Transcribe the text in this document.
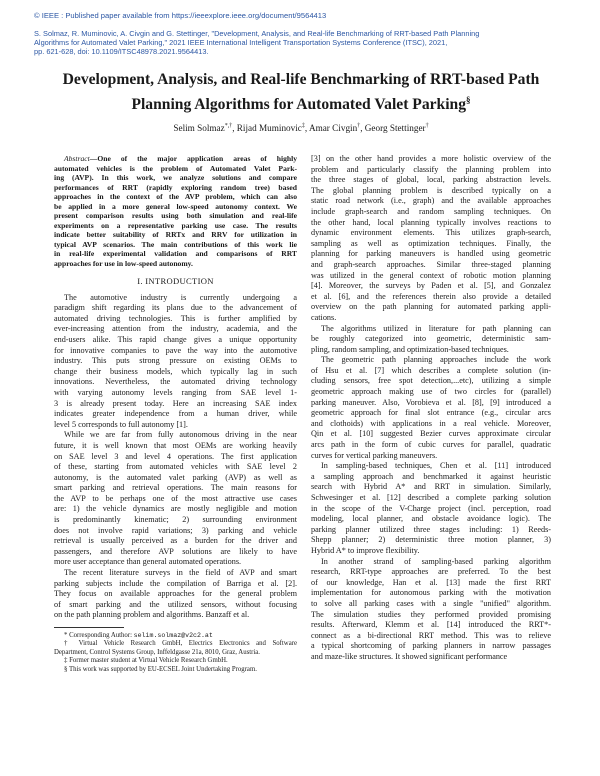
© IEEE : Published paper available from https://ieeexplore.ieee.org/document/9564413
S. Solmaz, R. Muminovic, A. Civgin and G. Stettinger, "Development, Analysis, and Real-life Benchmarking of RRT-based Path Planning
Algorithms for Automated Valet Parking," 2021 IEEE International Intelligent Transportation Systems Conference (ITSC), 2021,
pp. 621-628, doi: 10.1109/ITSC48978.2021.9564413.
Development, Analysis, and Real-life Benchmarking of RRT-based Path
Planning Algorithms for Automated Valet Parking§
Selim Solmaz*,†, Rijad Muminovic‡, Amar Civgin†, Georg Stettinger†
Abstract—One of the major application areas of highly
automated vehicles is the problem of Automated Valet Park-
ing (AVP). In this work, we analyze solutions and compare
performances of RRT (rapidly exploring random tree) based
approaches in the context of the AVP problem, which can also
be applied in a more general low-speed autonomy context. We
present comparison results using both simulation and real-life
experiments on a representative parking use case. The results
indicate better suitability of RRTx and RRV for utilization in
typical AVP scenarios. The main contributions of this work lie
in real-life experimental validation and comparisons of RRT
approaches for use in low-speed autonomy.
I. INTRODUCTION
The automotive industry is currently undergoing a
paradigm shift regarding its plans due to the advancement of
automated driving technologies. This is further amplified by
ever-increasing attention from the industry, academia, and the
end-users alike. This rapid change gives a unique opportunity
for innovative companies to pave the way into the automotive
industry. This puts strong pressure on existing OEMs to
change their business models, which typically lag in such
innovations. Nevertheless, the automated driving technology
with varying autonomy levels ranging from SAE level 1-
3 is already present today. Here an increasing SAE index
indicates greater independence from a human driver, while
level 5 corresponds to full autonomy [1].
While we are far from fully autonomous driving in the near
future, it is well known that most OEMs are working heavily
on SAE level 3 and level 4 operations. The first application
of these, starting from automated vehicles with SAE level 2
autonomy, is the automated valet parking (AVP) as well as
smart parking and retrieval operations. The main reasons for
the AVP to be perhaps one of the most attractive use cases
are: 1) the vehicle dynamics are mostly negligible and motion
is predominantly kinematic; 2) surrounding environment
does not involve rapid variations; 3) parking and vehicle
retrieval is usually perceived as a burden for the driver and
passengers, and therefore AVP solutions are likely to have
more user acceptance than general automated operations.
The recent literature surveys in the field of AVP and smart
parking subjects include the compilation of Barriga et al. [2].
They focus on available approaches for the general problem
of smart parking and the utilized sensors, without focusing
on the path planning problem and algorithms. Banzaff et al.
* Corresponding Author: selim.solmaz@v2c2.at
† Virtual Vehicle Research GmbH, Electrics Electronics and Software
Department, Control Systems Group, Inffeldgasse 21a, 8010, Graz, Austria.
‡ Former master student at Virtual Vehicle Research GmbH.
§ This work was supported by EU-ECSEL Joint Undertaking Program.
[3] on the other hand provides a more holistic overview of the
problem and particularly classify the planning problem into
the three stages of global, local, parking abstraction levels.
The global planning problem is described typically on a
static road network (i.e., graph) and the available approaches
include graph-search and random sampling techniques. On
the other hand, local planning typically involves reactions to
dynamic environment elements. This utilizes graph-search,
sampling as well as optimization techniques. Finally, the
planning for parking maneuvers is handled using geometric
and graph-search approaches. Similar three-staged planning
was utilized in the general context of robotic motion planning
[4]. Moreover, the surveys by Paden et al. [5], and Gonzalez
et al. [6], and the references therein also provide a detailed
overview on the path planning for automated parking appli-
cations.
The algorithms utilized in literature for path planning can
be roughly categorized into geometric, deterministic sam-
pling, random sampling, and optimization-based techniques.
The geometric path planning approaches include the work
of Hsu et al. [7] which describes a complete solution (in-
cluding sensors, free spot detection,...etc), utilizing a simple
geometric approach making use of two circles for (parallel)
parking maneuver. Also, Vorobieva et al. [8], [9] introduced a
geometric approach for final slot entrance (e.g., circular arcs
and clothoids) with applications in a real vehicle. Moreover,
Qin et al. [10] suggested Bezier curves approximate circular
arcs path in the form of cubic curves for parallel, quadratic
curves for vertical parking maneuvers.
In sampling-based techniques, Chen et al. [11] introduced
a sampling approach and benchmarked it against heuristic
search with Hybrid A* and RRT in simulation. Similarly,
Schwesinger et al. [12] described a complete parking solution
in the scope of the V-Charge project (incl. perception, road
modeling, local planner, and obstacle avoidance logic). The
parking planner utilized three stages including: 1) Reeds-
Shepp planner; 2) deterministic three motion planner, 3)
Hybrid A* to improve flexibility.
In another strand of sampling-based parking algorithm
research, RRT-type approaches are preferred. To the best
of our knowledge, Han et al. [13] made the first RRT
implementation for autonomous parking with the motivation
to solve all parking cases with a single "unified" algorithm.
The simulation studies they performed provided promising
results. Afterward, Klemm et al. [14] introduced the RRT*-
connect as a bi-directional RRT method. This was to relieve
a typical shortcoming of parking planners in narrow passages
and maze-like structures. It showed significant performance
